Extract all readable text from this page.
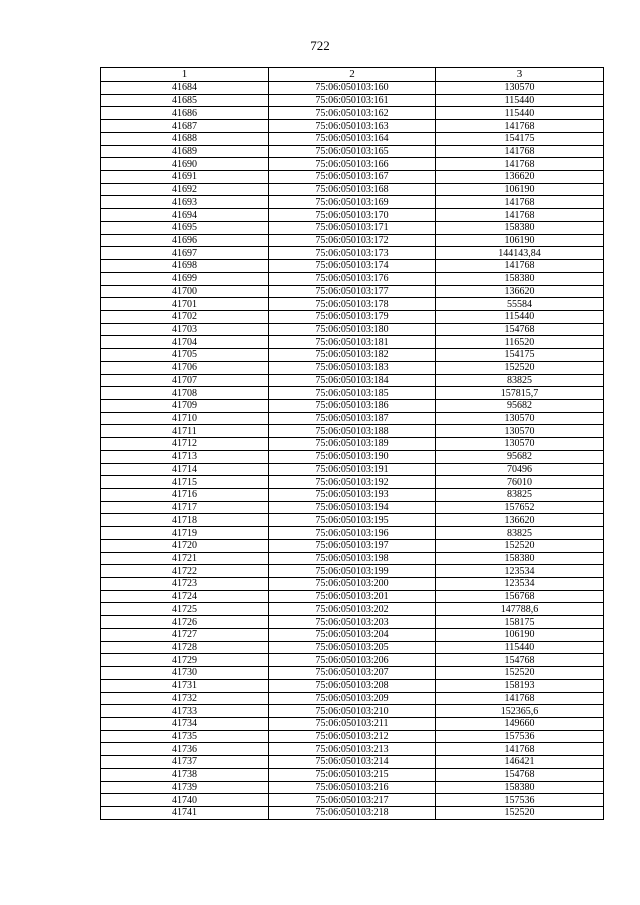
722
1	2	3
41684	75:06:050103:160	130570
41685	75:06:050103:161	115440
41686	75:06:050103:162	115440
41687	75:06:050103:163	141768
41688	75:06:050103:164	154175
41689	75:06:050103:165	141768
41690	75:06:050103:166	141768
41691	75:06:050103:167	136620
41692	75:06:050103:168	106190
41693	75:06:050103:169	141768
41694	75:06:050103:170	141768
41695	75:06:050103:171	158380
41696	75:06:050103:172	106190
41697	75:06:050103:173	144143,84
41698	75:06:050103:174	141768
41699	75:06:050103:176	158380
41700	75:06:050103:177	136620
41701	75:06:050103:178	55584
41702	75:06:050103:179	115440
41703	75:06:050103:180	154768
41704	75:06:050103:181	116520
41705	75:06:050103:182	154175
41706	75:06:050103:183	152520
41707	75:06:050103:184	83825
41708	75:06:050103:185	157815,7
41709	75:06:050103:186	95682
41710	75:06:050103:187	130570
41711	75:06:050103:188	130570
41712	75:06:050103:189	130570
41713	75:06:050103:190	95682
41714	75:06:050103:191	70496
41715	75:06:050103:192	76010
41716	75:06:050103:193	83825
41717	75:06:050103:194	157652
41718	75:06:050103:195	136620
41719	75:06:050103:196	83825
41720	75:06:050103:197	152520
41721	75:06:050103:198	158380
41722	75:06:050103:199	123534
41723	75:06:050103:200	123534
41724	75:06:050103:201	156768
41725	75:06:050103:202	147788,6
41726	75:06:050103:203	158175
41727	75:06:050103:204	106190
41728	75:06:050103:205	115440
41729	75:06:050103:206	154768
41730	75:06:050103:207	152520
41731	75:06:050103:208	158193
41732	75:06:050103:209	141768
41733	75:06:050103:210	152365,6
41734	75:06:050103:211	149660
41735	75:06:050103:212	157536
41736	75:06:050103:213	141768
41737	75:06:050103:214	146421
41738	75:06:050103:215	154768
41739	75:06:050103:216	158380
41740	75:06:050103:217	157536
41741	75:06:050103:218	152520
